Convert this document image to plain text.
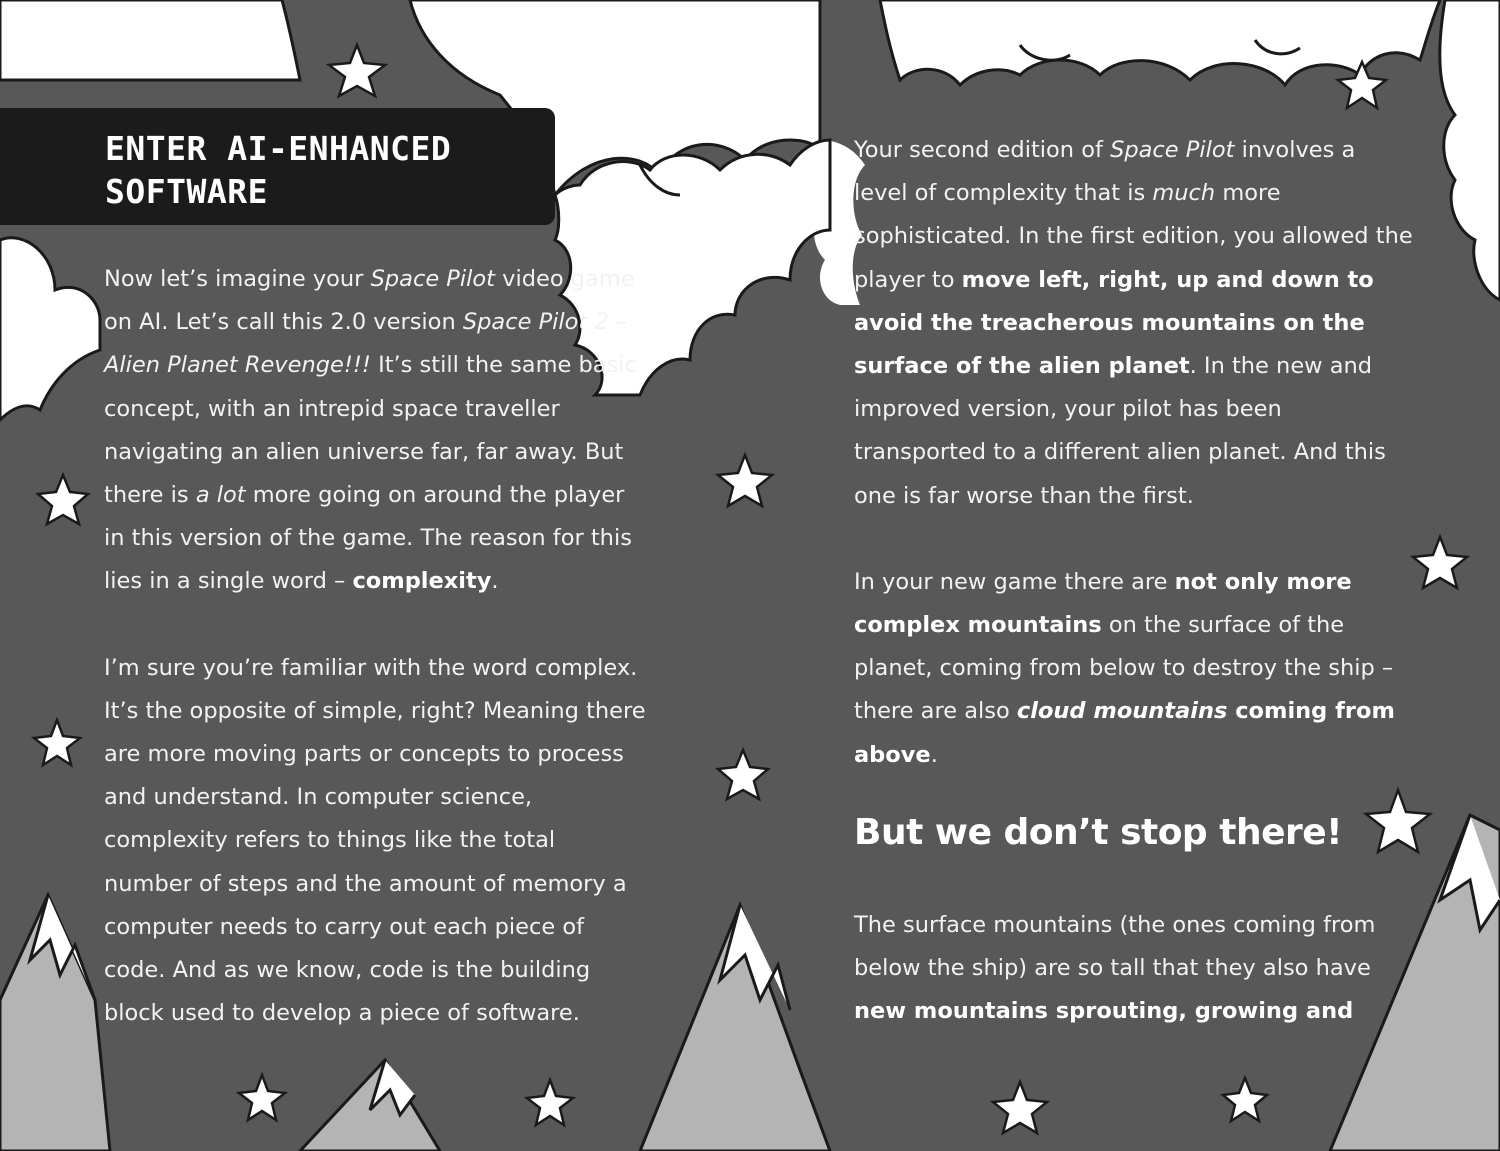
ENTER AI-ENHANCED SOFTWARE

Now let’s imagine your Space Pilot video game on AI. Let’s call this 2.0 version Space Pilot 2 – Alien Planet Revenge!!! It’s still the same basic concept, with an intrepid space traveller navigating an alien universe far, far away. But there is a lot more going on around the player in this version of the game. The reason for this lies in a single word – complexity.

I’m sure you’re familiar with the word complex. It’s the opposite of simple, right? Meaning there are more moving parts or concepts to process and understand. In computer science, complexity refers to things like the total number of steps and the amount of memory a computer needs to carry out each piece of code. And as we know, code is the building block used to develop a piece of software.

Your second edition of Space Pilot involves a level of complexity that is much more sophisticated. In the first edition, you allowed the player to move left, right, up and down to avoid the treacherous mountains on the surface of the alien planet. In the new and improved version, your pilot has been transported to a different alien planet. And this one is far worse than the first.

In your new game there are not only more complex mountains on the surface of the planet, coming from below to destroy the ship – there are also cloud mountains coming from above.

But we don’t stop there!

The surface mountains (the ones coming from below the ship) are so tall that they also have new mountains sprouting, growing and
